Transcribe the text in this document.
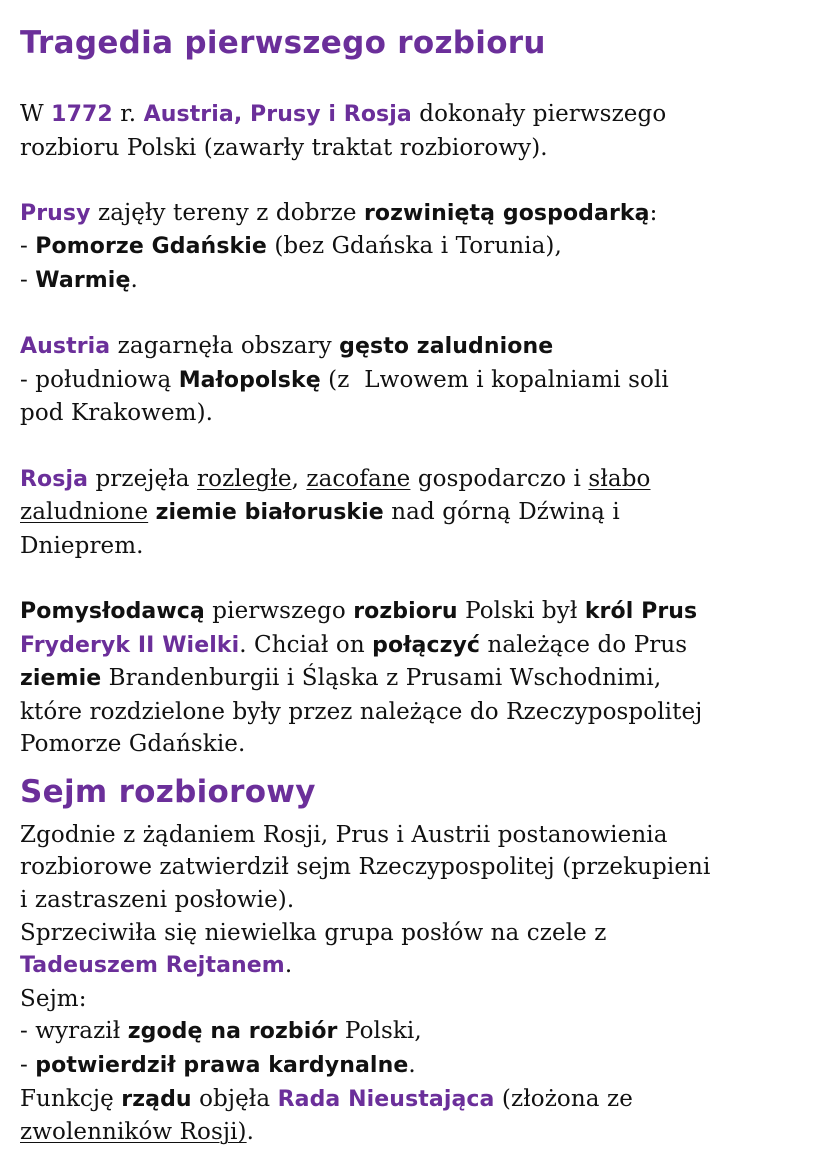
Tragedia pierwszego rozbioru

W 1772 r. Austria, Prusy i Rosja dokonały pierwszego
rozbioru Polski (zawarły traktat rozbiorowy).

Prusy zajęły tereny z dobrze rozwiniętą gospodarką:
- Pomorze Gdańskie (bez Gdańska i Torunia),
- Warmię.

Austria zagarnęła obszary gęsto zaludnione
- południową Małopolskę (z  Lwowem i kopalniami soli
pod Krakowem).

Rosja przejęła rozległe, zacofane gospodarczo i słabo
zaludnione ziemie białoruskie nad górną Dźwiną i
Dnieprem.

Pomysłodawcą pierwszego rozbioru Polski był król Prus
Fryderyk II Wielki. Chciał on połączyć należące do Prus
ziemie Brandenburgii i Śląska z Prusami Wschodnimi,
które rozdzielone były przez należące do Rzeczypospolitej
Pomorze Gdańskie.

Sejm rozbiorowy

Zgodnie z żądaniem Rosji, Prus i Austrii postanowienia
rozbiorowe zatwierdził sejm Rzeczypospolitej (przekupieni
i zastraszeni posłowie).
Sprzeciwiła się niewielka grupa posłów na czele z
Tadeuszem Rejtanem.
Sejm:
- wyraził zgodę na rozbiór Polski,
- potwierdził prawa kardynalne.
Funkcję rządu objęła Rada Nieustająca (złożona ze
zwolenników Rosji).
